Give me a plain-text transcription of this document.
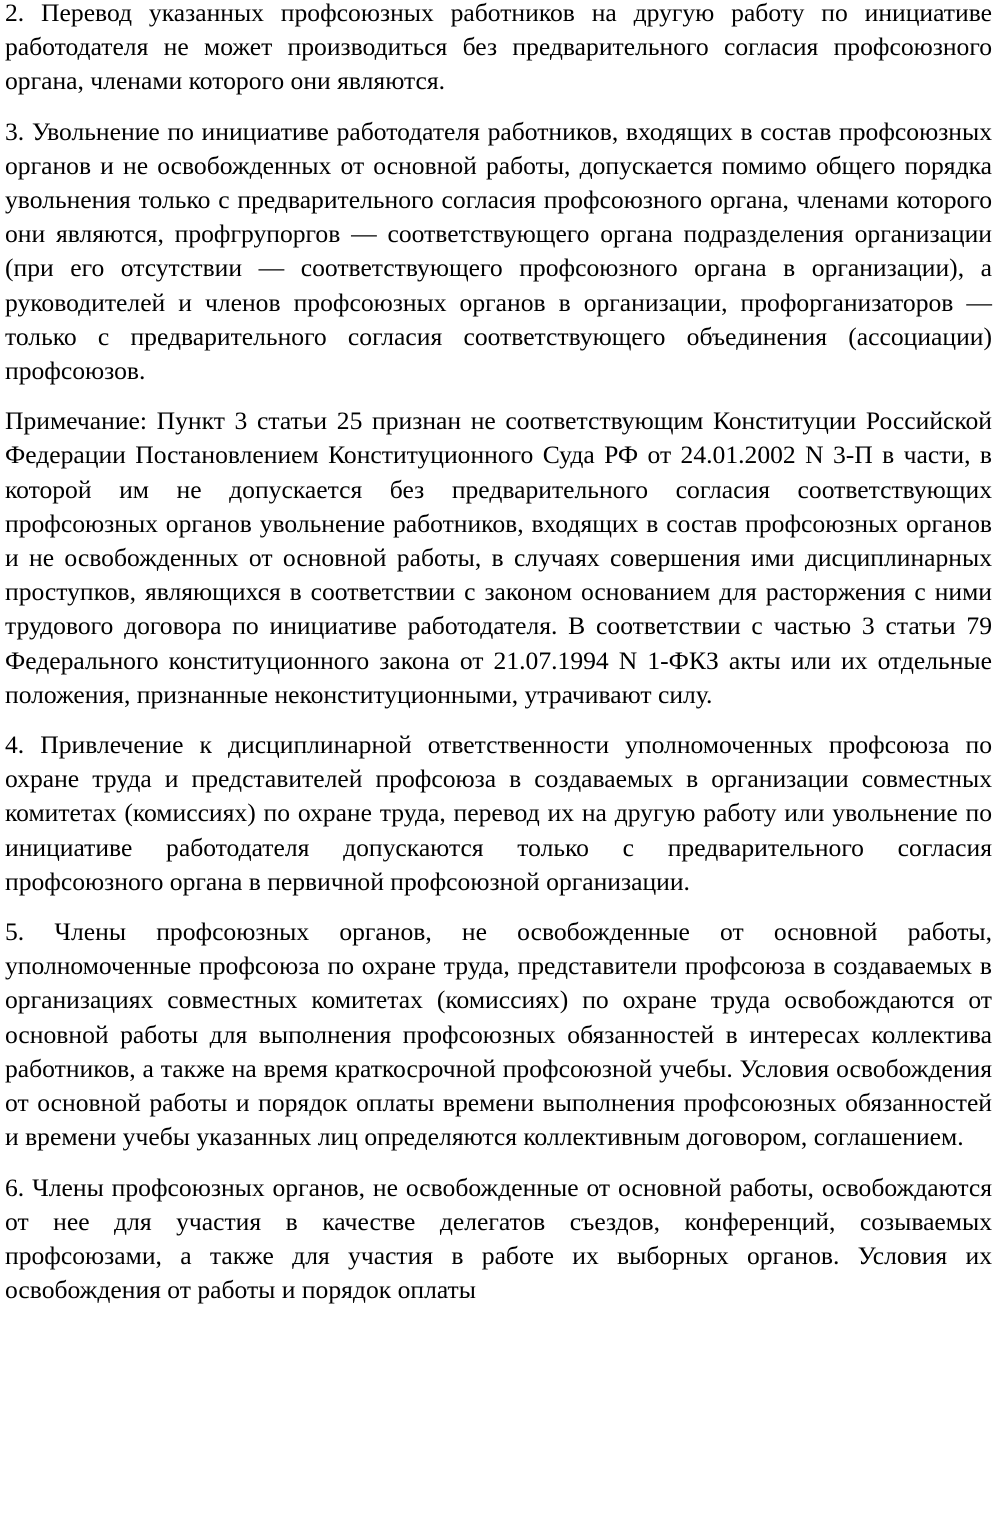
2. Перевод указанных профсоюзных работников на другую работу по инициативе работодателя не может производиться без предварительного согласия профсоюзного органа, членами которого они являются.

3. Увольнение по инициативе работодателя работников, входящих в состав профсоюзных органов и не освобожденных от основной работы, допускается помимо общего порядка увольнения только с предварительного согласия профсоюзного органа, членами которого они являются, профгрупоргов — соответствующего органа подразделения организации (при его отсутствии — соответствующего профсоюзного органа в организации), а руководителей и членов профсоюзных органов в организации, профорганизаторов — только с предварительного согласия соответствующего объединения (ассоциации) профсоюзов.

Примечание: Пункт 3 статьи 25 признан не соответствующим Конституции Российской Федерации Постановлением Конституционного Суда РФ от 24.01.2002 N 3-П в части, в которой им не допускается без предварительного согласия соответствующих профсоюзных органов увольнение работников, входящих в состав профсоюзных органов и не освобожденных от основной работы, в случаях совершения ими дисциплинарных проступков, являющихся в соответствии с законом основанием для расторжения с ними трудового договора по инициативе работодателя. В соответствии с частью 3 статьи 79 Федерального конституционного закона от 21.07.1994 N 1-ФКЗ акты или их отдельные положения, признанные неконституционными, утрачивают силу.

4. Привлечение к дисциплинарной ответственности уполномоченных профсоюза по охране труда и представителей профсоюза в создаваемых в организации совместных комитетах (комиссиях) по охране труда, перевод их на другую работу или увольнение по инициативе работодателя допускаются только с предварительного согласия профсоюзного органа в первичной профсоюзной организации.

5. Члены профсоюзных органов, не освобожденные от основной работы, уполномоченные профсоюза по охране труда, представители профсоюза в создаваемых в организациях совместных комитетах (комиссиях) по охране труда освобождаются от основной работы для выполнения профсоюзных обязанностей в интересах коллектива работников, а также на время краткосрочной профсоюзной учебы. Условия освобождения от основной работы и порядок оплаты времени выполнения профсоюзных обязанностей и времени учебы указанных лиц определяются коллективным договором, соглашением.

6. Члены профсоюзных органов, не освобожденные от основной работы, освобождаются от нее для участия в качестве делегатов съездов, конференций, созываемых профсоюзами, а также для участия в работе их выборных органов. Условия их освобождения от работы и порядок оплаты
